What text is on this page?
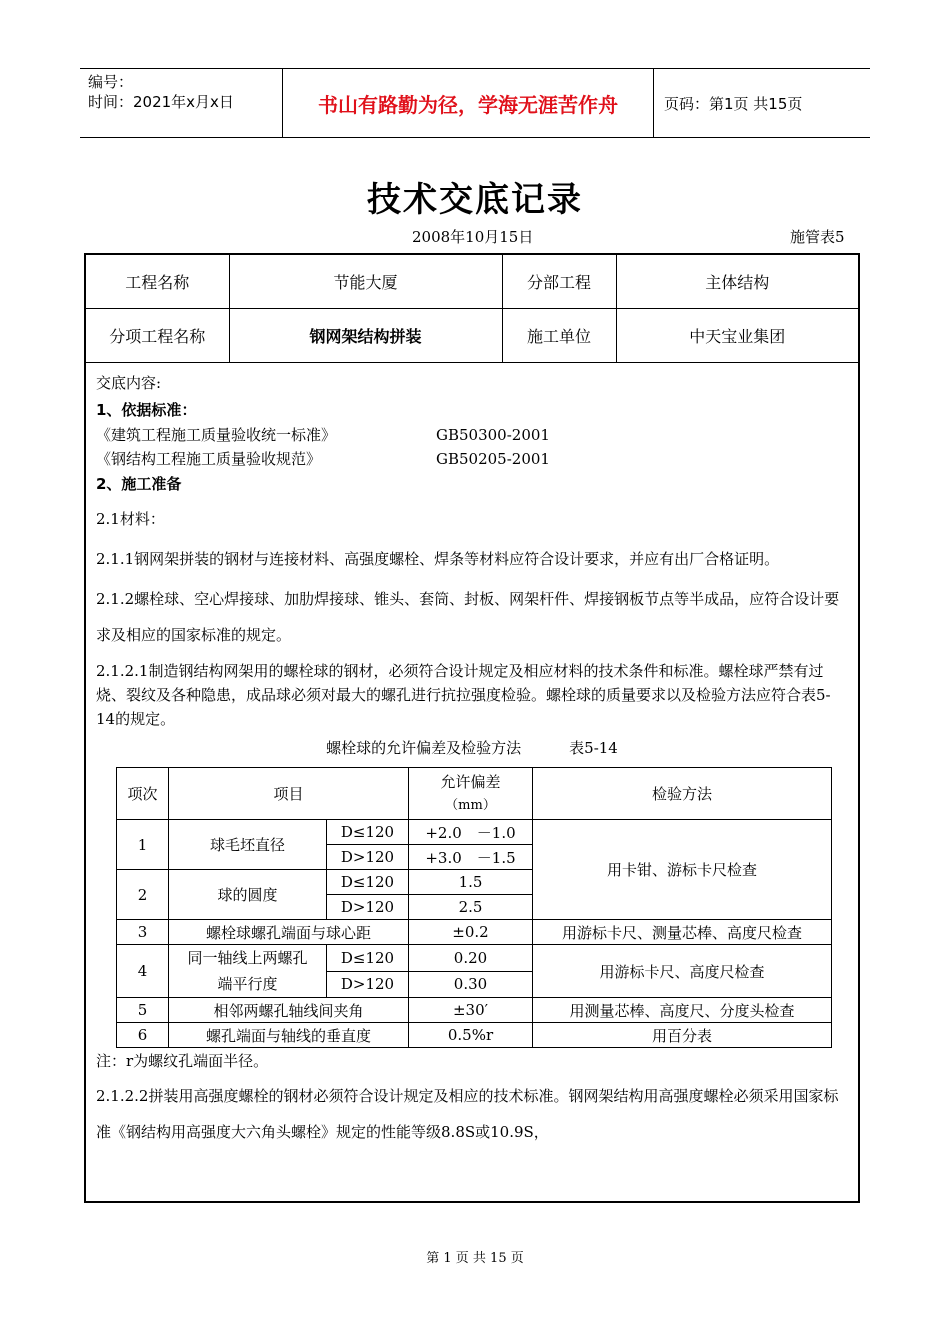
编号：
时间：2021年x月x日	书山有路勤为径，学海无涯苦作舟	页码：第1页 共15页
技术交底记录
2008年10月15日	施管表5
工程名称	节能大厦	分部工程	主体结构
分项工程名称	钢网架结构拼装	施工单位	中天宝业集团

交底内容:

1、依据标准：

《建筑工程施工质量验收统一标准》	GB50300-2001
《钢结构工程施工质量验收规范》	GB50205-2001

2、施工准备

2.1材料：

2.1.1钢网架拼装的钢材与连接材料、高强度螺栓、焊条等材料应符合设计要求，并应有出厂合格证明。

2.1.2螺栓球、空心焊接球、加肋焊接球、锥头、套筒、封板、网架杆件、焊接钢板节点等半成品，应符合设计要求及相应的国家标准的规定。

2.1.2.1制造钢结构网架用的螺栓球的钢材，必须符合设计规定及相应材料的技术条件和标准。螺栓球严禁有过烧、裂纹及各种隐患，成品球必须对最大的螺孔进行抗拉强度检验。螺栓球的质量要求以及检验方法应符合表5-14的规定。

螺栓球的允许偏差及检验方法	表5-14

项次	项目		允许偏差
（mm）	检验方法
1	球毛坯直径	D≤120	+2.0　－1.0	用卡钳、游标卡尺检查
		D>120	+3.0　－1.5	
2	球的圆度	D≤120	1.5	
		D>120	2.5	
3	螺栓球螺孔端面与球心距		±0.2	用游标卡尺、测量芯棒、高度尺检查
4	同一轴线上两螺孔端平行度	D≤120	0.20	用游标卡尺、高度尺检查
		D>120	0.30	
5	相邻两螺孔轴线间夹角		±30′	用测量芯棒、高度尺、分度头检查
6	螺孔端面与轴线的垂直度		0.5%r	用百分表

注：r为螺纹孔端面半径。

2.1.2.2拼装用高强度螺栓的钢材必须符合设计规定及相应的技术标准。钢网架结构用高强度螺栓必须采用国家标准《钢结构用高强度大六角头螺栓》规定的性能等级8.8S或10.9S，

第 1 页 共 15 页
